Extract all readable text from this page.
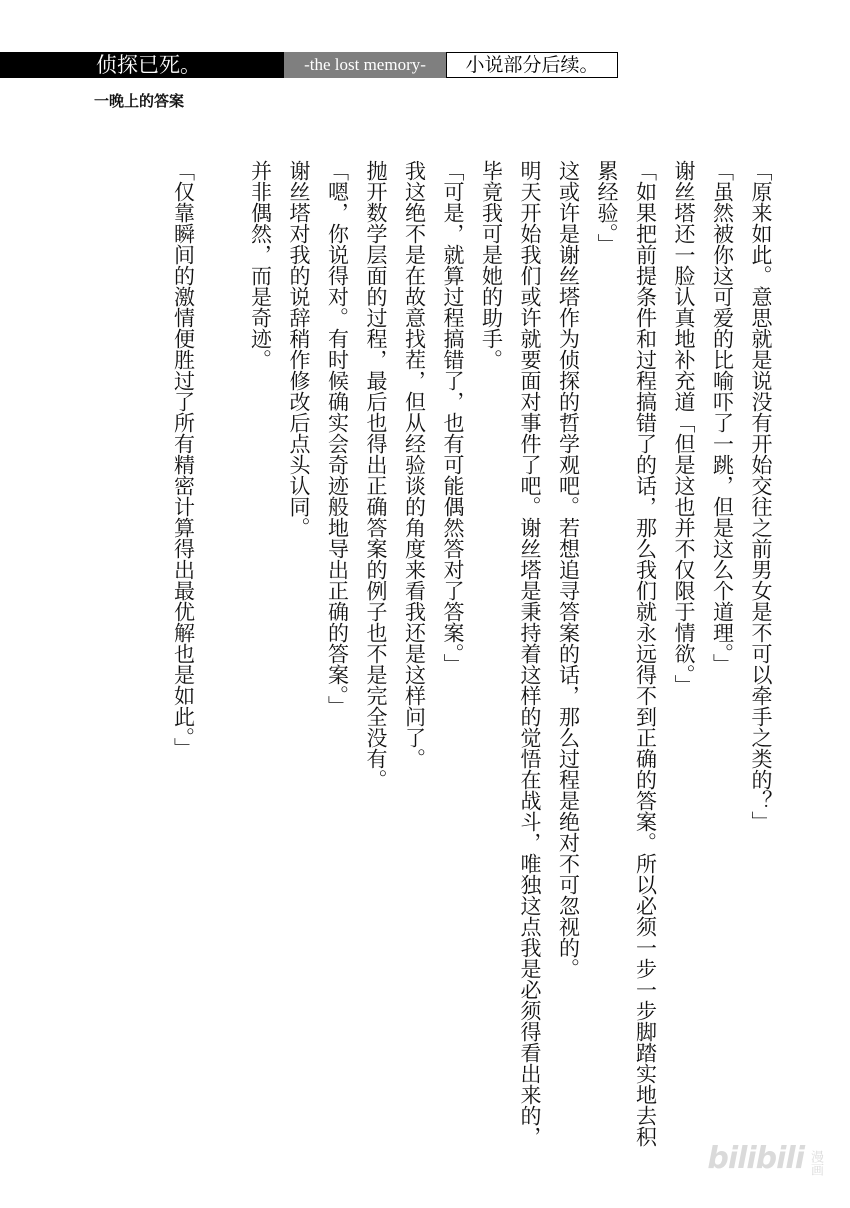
侦探已死。	-the lost memory-	小说部分后续。
一晚上的答案

「原来如此。意思就是说没有开始交往之前男女是不可以牵手之类的？」

「虽然被你这可爱的比喻吓了一跳，但是这么个道理。」

谢丝塔还一脸认真地补充道「但是这也并不仅限于情欲。」

「如果把前提条件和过程搞错了的话，那么我们就永远得不到正确的答案。所以必须一步一步脚踏实地去积累经验。」

这或许是谢丝塔作为侦探的哲学观吧。若想追寻答案的话，那么过程是绝对不可忽视的。

明天开始我们或许就要面对事件了吧。谢丝塔是秉持着这样的觉悟在战斗，唯独这点我是必须得看出来的，毕竟我可是她的助手。

「可是，就算过程搞错了，也有可能偶然答对了答案。」

我这绝不是在故意找茬，但从经验谈的角度来看我还是这样问了。

抛开数学层面的过程，最后也得出正确答案的例子也不是完全没有。

「嗯，你说得对。有时候确实会奇迹般地导出正确的答案。」

谢丝塔对我的说辞稍作修改后点头认同。

并非偶然，而是奇迹。

「仅靠瞬间的激情便胜过了所有精密计算得出最优解也是如此。」

bilibili 漫画
